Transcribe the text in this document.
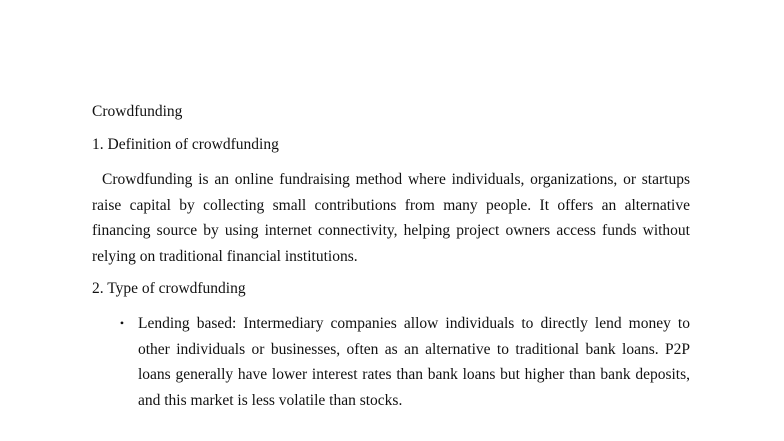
Crowdfunding
1. Definition of crowdfunding

Crowdfunding is an online fundraising method where individuals, organizations, or startups raise capital by collecting small contributions from many people. It offers an alternative financing source by using internet connectivity, helping project owners access funds without relying on traditional financial institutions.

2. Type of crowdfunding
• Lending based: Intermediary companies allow individuals to directly lend money to other individuals or businesses, often as an alternative to traditional bank loans. P2P loans generally have lower interest rates than bank loans but higher than bank deposits, and this market is less volatile than stocks.
